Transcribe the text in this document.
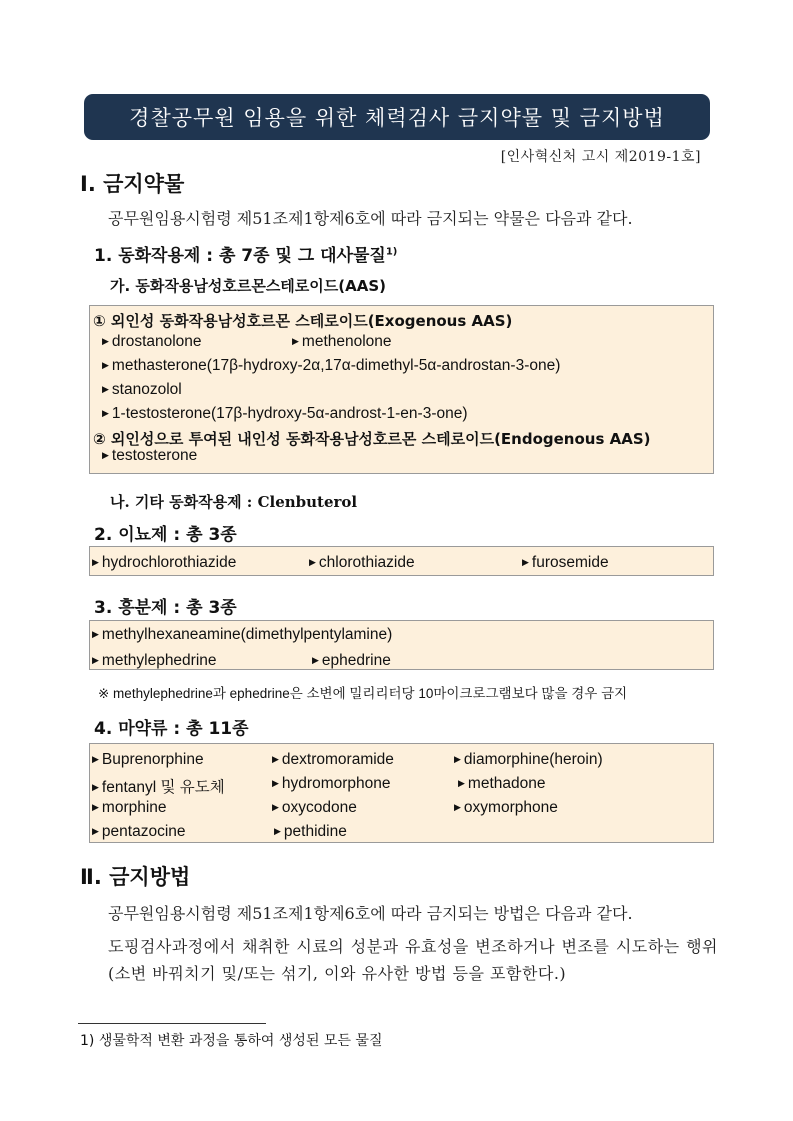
경찰공무원 임용을 위한 체력검사 금지약물 및 금지방법
[인사혁신처 고시 제2019-1호]
Ⅰ. 금지약물
공무원임용시험령 제51조제1항제6호에 따라 금지되는 약물은 다음과 같다.
1. 동화작용제 : 총 7종 및 그 대사물질$^{1)}$
가. 동화작용남성호르몬스테로이드(AAS)
① 외인성 동화작용남성호르몬 스테로이드(Exogenous AAS)
▶ drostanolone	▶ methenolone
▶ methasterone(17β-hydroxy-2α,17α-dimethyl-5α-androstan-3-one)
▶ stanozolol
▶ 1-testosterone(17β-hydroxy-5α-androst-1-en-3-one)
② 외인성으로 투여된 내인성 동화작용남성호르몬 스테로이드(Endogenous AAS)
▶ testosterone
나. 기타 동화작용제 : Clenbuterol
2. 이뇨제 : 총 3종
▶ hydrochlorothiazide	▶ chlorothiazide	▶ furosemide
3. 흥분제 : 총 3종
▶ methylhexaneamine(dimethylpentylamine)
▶ methylephedrine	▶ ephedrine
※ methylephedrine과 ephedrine은 소변에 밀리리터당 10마이크로그램보다 많을 경우 금지
4. 마약류 : 총 11종
▶ Buprenorphine	▶ dextromoramide	▶ diamorphine(heroin)
▶ fentanyl 및 유도체	▶ hydromorphone	▶ methadone
▶ morphine	▶ oxycodone	▶ oxymorphone
▶ pentazocine	▶ pethidine
Ⅱ. 금지방법
공무원임용시험령 제51조제1항제6호에 따라 금지되는 방법은 다음과 같다.
도핑검사과정에서 채취한 시료의 성분과 유효성을 변조하거나 변조를 시도하는 행위(소변 바꿔치기 및/또는 섞기, 이와 유사한 방법 등을 포함한다.)
1) 생물학적 변환 과정을 통하여 생성된 모든 물질
